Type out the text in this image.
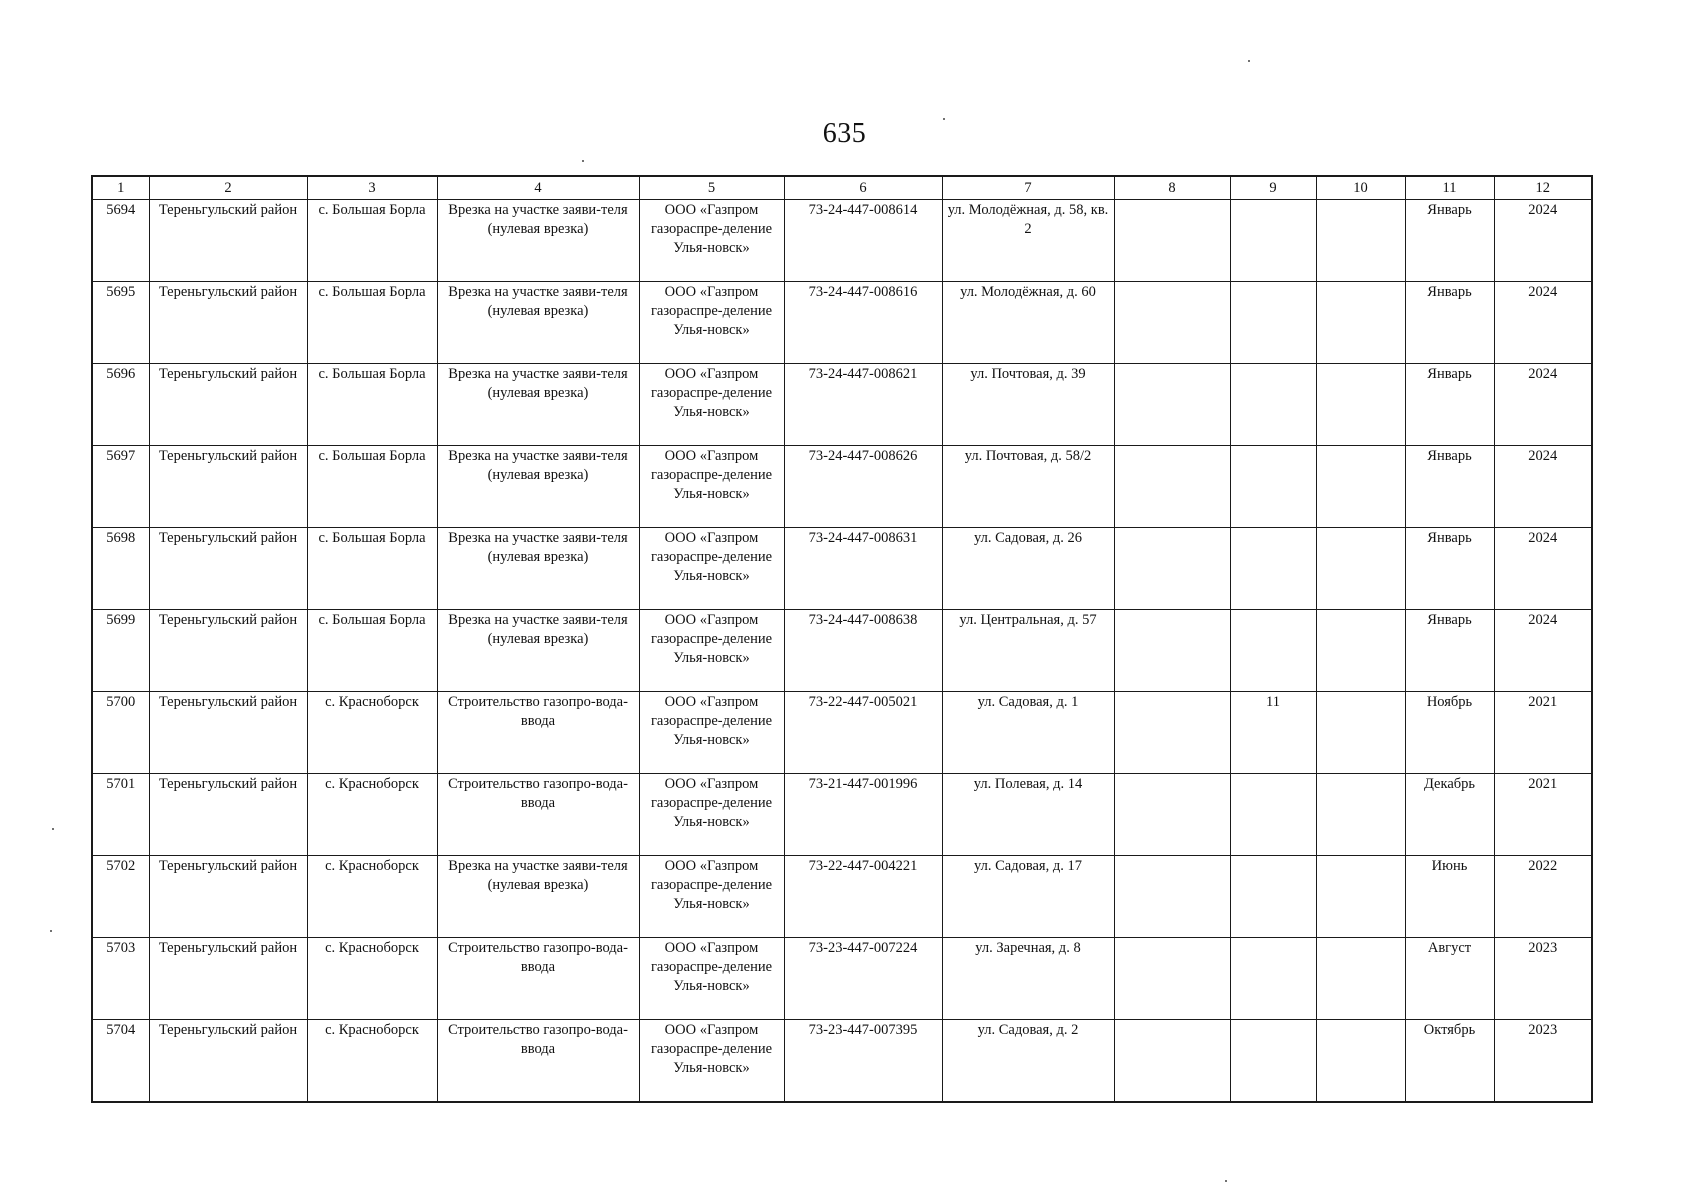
635
1	2	3	4	5	6	7	8	9	10	11	12
5694	Тереньгульский район	с. Большая Борла	Врезка на участке заяви-теля (нулевая врезка)	ООО «Газпром газораспре-деление Улья-новск»	73-24-447-008614	ул. Молодёжная, д. 58, кв. 2				Январь	2024
5695	Тереньгульский район	с. Большая Борла	Врезка на участке заяви-теля (нулевая врезка)	ООО «Газпром газораспре-деление Улья-новск»	73-24-447-008616	ул. Молодёжная, д. 60				Январь	2024
5696	Тереньгульский район	с. Большая Борла	Врезка на участке заяви-теля (нулевая врезка)	ООО «Газпром газораспре-деление Улья-новск»	73-24-447-008621	ул. Почтовая, д. 39				Январь	2024
5697	Тереньгульский район	с. Большая Борла	Врезка на участке заяви-теля (нулевая врезка)	ООО «Газпром газораспре-деление Улья-новск»	73-24-447-008626	ул. Почтовая, д. 58/2				Январь	2024
5698	Тереньгульский район	с. Большая Борла	Врезка на участке заяви-теля (нулевая врезка)	ООО «Газпром газораспре-деление Улья-новск»	73-24-447-008631	ул. Садовая, д. 26				Январь	2024
5699	Тереньгульский район	с. Большая Борла	Врезка на участке заяви-теля (нулевая врезка)	ООО «Газпром газораспре-деление Улья-новск»	73-24-447-008638	ул. Центральная, д. 57				Январь	2024
5700	Тереньгульский район	с. Красноборск	Строительство газопро-вода-ввода	ООО «Газпром газораспре-деление Улья-новск»	73-22-447-005021	ул. Садовая, д. 1		11		Ноябрь	2021
5701	Тереньгульский район	с. Красноборск	Строительство газопро-вода-ввода	ООО «Газпром газораспре-деление Улья-новск»	73-21-447-001996	ул. Полевая, д. 14				Декабрь	2021
5702	Тереньгульский район	с. Красноборск	Врезка на участке заяви-теля (нулевая врезка)	ООО «Газпром газораспре-деление Улья-новск»	73-22-447-004221	ул. Садовая, д. 17				Июнь	2022
5703	Тереньгульский район	с. Красноборск	Строительство газопро-вода-ввода	ООО «Газпром газораспре-деление Улья-новск»	73-23-447-007224	ул. Заречная, д. 8				Август	2023
5704	Тереньгульский район	с. Красноборск	Строительство газопро-вода-ввода	ООО «Газпром газораспре-деление Улья-новск»	73-23-447-007395	ул. Садовая, д. 2				Октябрь	2023
